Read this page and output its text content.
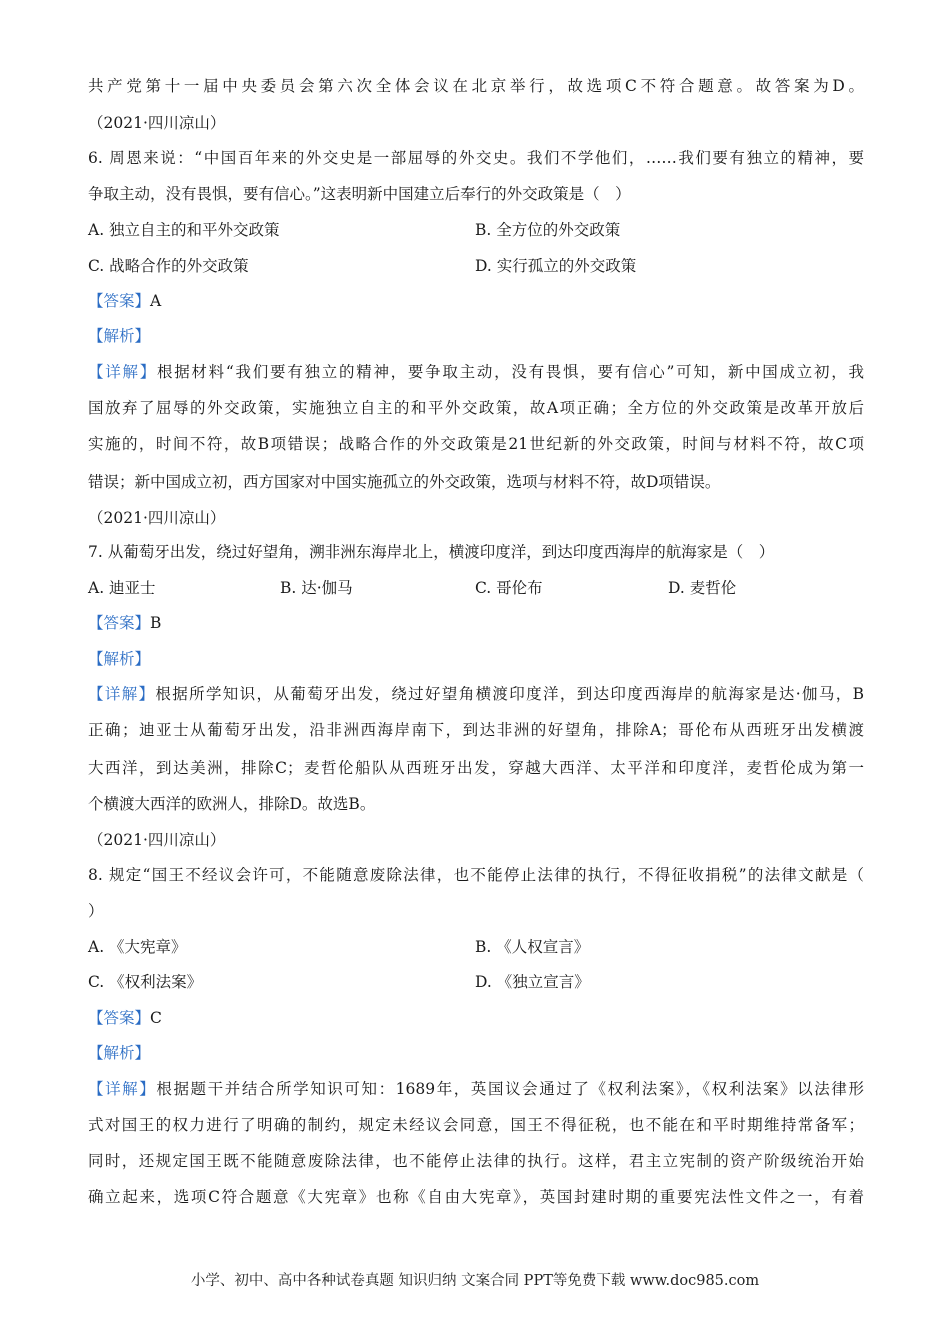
共产党第十一届中央委员会第六次全体会议在北京举行，故选项C不符合题意。故答案为D。
（2021·四川凉山）
6. 周恩来说：“中国百年来的外交史是一部屈辱的外交史。我们不学他们，……我们要有独立的精神，要
争取主动，没有畏惧，要有信心。”这表明新中国建立后奉行的外交政策是（　）
A. 独立自主的和平外交政策	B. 全方位的外交政策
C. 战略合作的外交政策	D. 实行孤立的外交政策
【答案】A
【解析】
【详解】根据材料“我们要有独立的精神，要争取主动，没有畏惧，要有信心”可知，新中国成立初，我
国放弃了屈辱的外交政策，实施独立自主的和平外交政策，故A项正确；全方位的外交政策是改革开放后
实施的，时间不符，故B项错误；战略合作的外交政策是21世纪新的外交政策，时间与材料不符，故C项
错误；新中国成立初，西方国家对中国实施孤立的外交政策，选项与材料不符，故D项错误。
（2021·四川凉山）
7. 从葡萄牙出发，绕过好望角，溯非洲东海岸北上，横渡印度洋，到达印度西海岸的航海家是（　）
A. 迪亚士	B. 达·伽马	C. 哥伦布	D. 麦哲伦
【答案】B
【解析】
【详解】根据所学知识，从葡萄牙出发，绕过好望角横渡印度洋，到达印度西海岸的航海家是达·伽马，B
正确；迪亚士从葡萄牙出发，沿非洲西海岸南下，到达非洲的好望角，排除A；哥伦布从西班牙出发横渡
大西洋，到达美洲，排除C；麦哲伦船队从西班牙出发，穿越大西洋、太平洋和印度洋，麦哲伦成为第一
个横渡大西洋的欧洲人，排除D。故选B。
（2021·四川凉山）
8. 规定“国王不经议会许可，不能随意废除法律，也不能停止法律的执行，不得征收捐税”的法律文献是（
）
A. 《大宪章》	B. 《人权宣言》
C. 《权利法案》	D. 《独立宣言》
【答案】C
【解析】
【详解】根据题干并结合所学知识可知：1689年，英国议会通过了《权利法案》，《权利法案》以法律形
式对国王的权力进行了明确的制约，规定未经议会同意，国王不得征税，也不能在和平时期维持常备军；
同时，还规定国王既不能随意废除法律，也不能停止法律的执行。这样，君主立宪制的资产阶级统治开始
确立起来，选项C符合题意《大宪章》也称《自由大宪章》，英国封建时期的重要宪法性文件之一，有着
小学、初中、高中各种试卷真题 知识归纳 文案合同 PPT等免费下载 www.doc985.com
